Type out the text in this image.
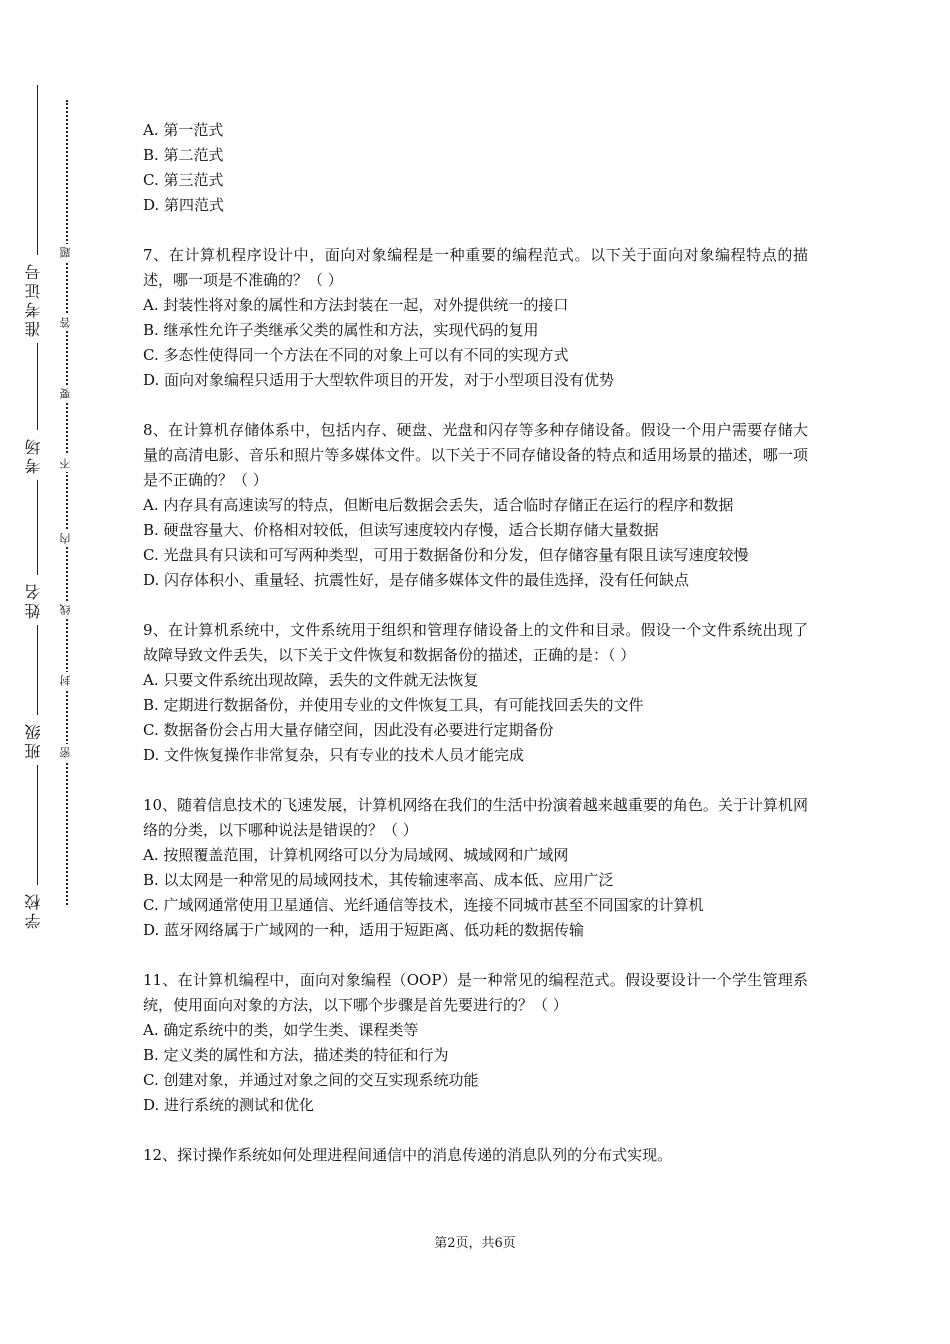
准考证号
考场
姓名
班级
学校
题
答
要
不
内
线
封
密
A. 第一范式
B. 第二范式
C. 第三范式
D. 第四范式
7、在计算机程序设计中，面向对象编程是一种重要的编程范式。以下关于面向对象编程特点的描述，哪一项是不准确的？（ ）
A. 封装性将对象的属性和方法封装在一起，对外提供统一的接口
B. 继承性允许子类继承父类的属性和方法，实现代码的复用
C. 多态性使得同一个方法在不同的对象上可以有不同的实现方式
D. 面向对象编程只适用于大型软件项目的开发，对于小型项目没有优势
8、在计算机存储体系中，包括内存、硬盘、光盘和闪存等多种存储设备。假设一个用户需要存储大量的高清电影、音乐和照片等多媒体文件。以下关于不同存储设备的特点和适用场景的描述，哪一项是不正确的？（ ）
A. 内存具有高速读写的特点，但断电后数据会丢失，适合临时存储正在运行的程序和数据
B. 硬盘容量大、价格相对较低，但读写速度较内存慢，适合长期存储大量数据
C. 光盘具有只读和可写两种类型，可用于数据备份和分发，但存储容量有限且读写速度较慢
D. 闪存体积小、重量轻、抗震性好，是存储多媒体文件的最佳选择，没有任何缺点
9、在计算机系统中，文件系统用于组织和管理存储设备上的文件和目录。假设一个文件系统出现了故障导致文件丢失，以下关于文件恢复和数据备份的描述，正确的是：（ ）
A. 只要文件系统出现故障，丢失的文件就无法恢复
B. 定期进行数据备份，并使用专业的文件恢复工具，有可能找回丢失的文件
C. 数据备份会占用大量存储空间，因此没有必要进行定期备份
D. 文件恢复操作非常复杂，只有专业的技术人员才能完成
10、随着信息技术的飞速发展，计算机网络在我们的生活中扮演着越来越重要的角色。关于计算机网络的分类，以下哪种说法是错误的？（ ）
A. 按照覆盖范围，计算机网络可以分为局域网、城域网和广域网
B. 以太网是一种常见的局域网技术，其传输速率高、成本低、应用广泛
C. 广域网通常使用卫星通信、光纤通信等技术，连接不同城市甚至不同国家的计算机
D. 蓝牙网络属于广域网的一种，适用于短距离、低功耗的数据传输
11、在计算机编程中，面向对象编程（OOP）是一种常见的编程范式。假设要设计一个学生管理系统，使用面向对象的方法，以下哪个步骤是首先要进行的？（ ）
A. 确定系统中的类，如学生类、课程类等
B. 定义类的属性和方法，描述类的特征和行为
C. 创建对象，并通过对象之间的交互实现系统功能
D. 进行系统的测试和优化
12、探讨操作系统如何处理进程间通信中的消息传递的消息队列的分布式实现。
第2页，共6页
